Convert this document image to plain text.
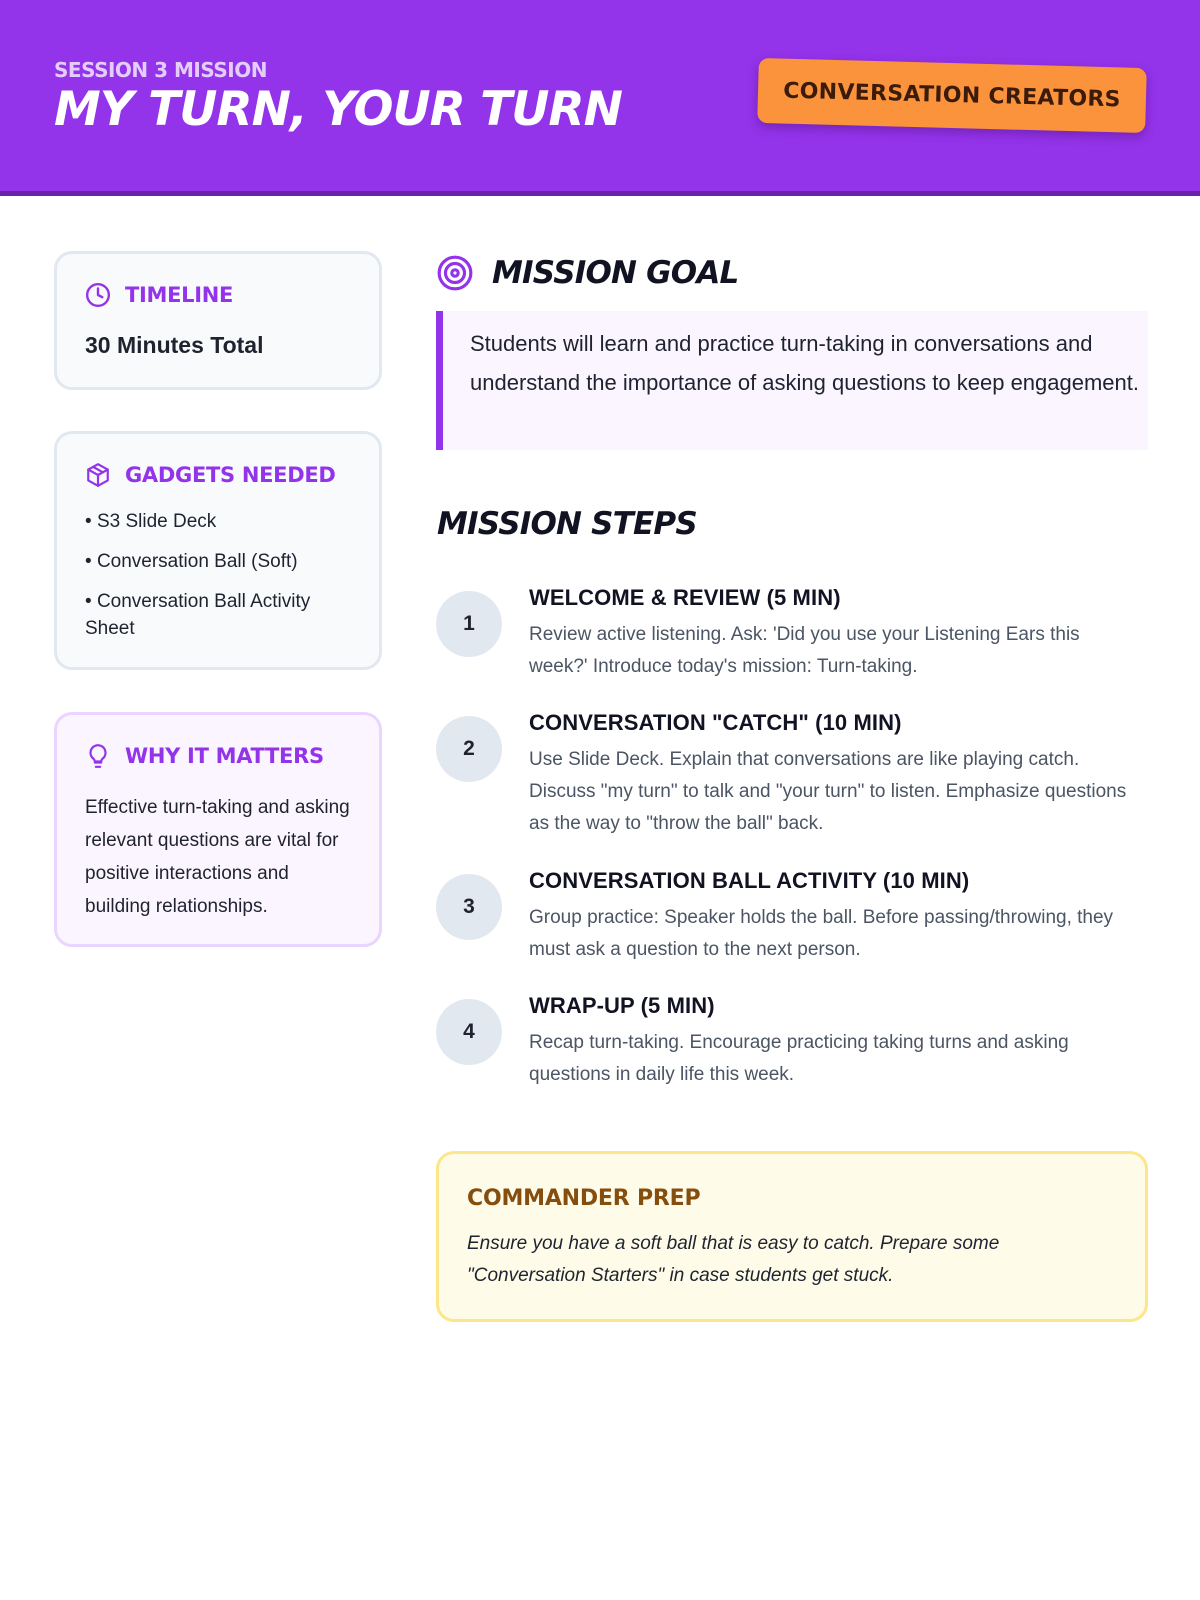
SESSION 3 MISSION
MY TURN, YOUR TURN	CONVERSATION CREATORS
TIMELINE
30 Minutes Total
GADGETS NEEDED
• S3 Slide Deck
• Conversation Ball (Soft)
• Conversation Ball Activity Sheet
WHY IT MATTERS
Effective turn-taking and asking relevant questions are vital for positive interactions and building relationships.
MISSION GOAL
Students will learn and practice turn-taking in conversations and understand the importance of asking questions to keep engagement.
MISSION STEPS
1
WELCOME & REVIEW (5 MIN)
Review active listening. Ask: 'Did you use your Listening Ears this week?' Introduce today's mission: Turn-taking.
2
CONVERSATION "CATCH" (10 MIN)
Use Slide Deck. Explain that conversations are like playing catch. Discuss "my turn" to talk and "your turn" to listen. Emphasize questions as the way to "throw the ball" back.
3
CONVERSATION BALL ACTIVITY (10 MIN)
Group practice: Speaker holds the ball. Before passing/throwing, they must ask a question to the next person.
4
WRAP-UP (5 MIN)
Recap turn-taking. Encourage practicing taking turns and asking questions in daily life this week.
COMMANDER PREP
Ensure you have a soft ball that is easy to catch. Prepare some "Conversation Starters" in case students get stuck.
